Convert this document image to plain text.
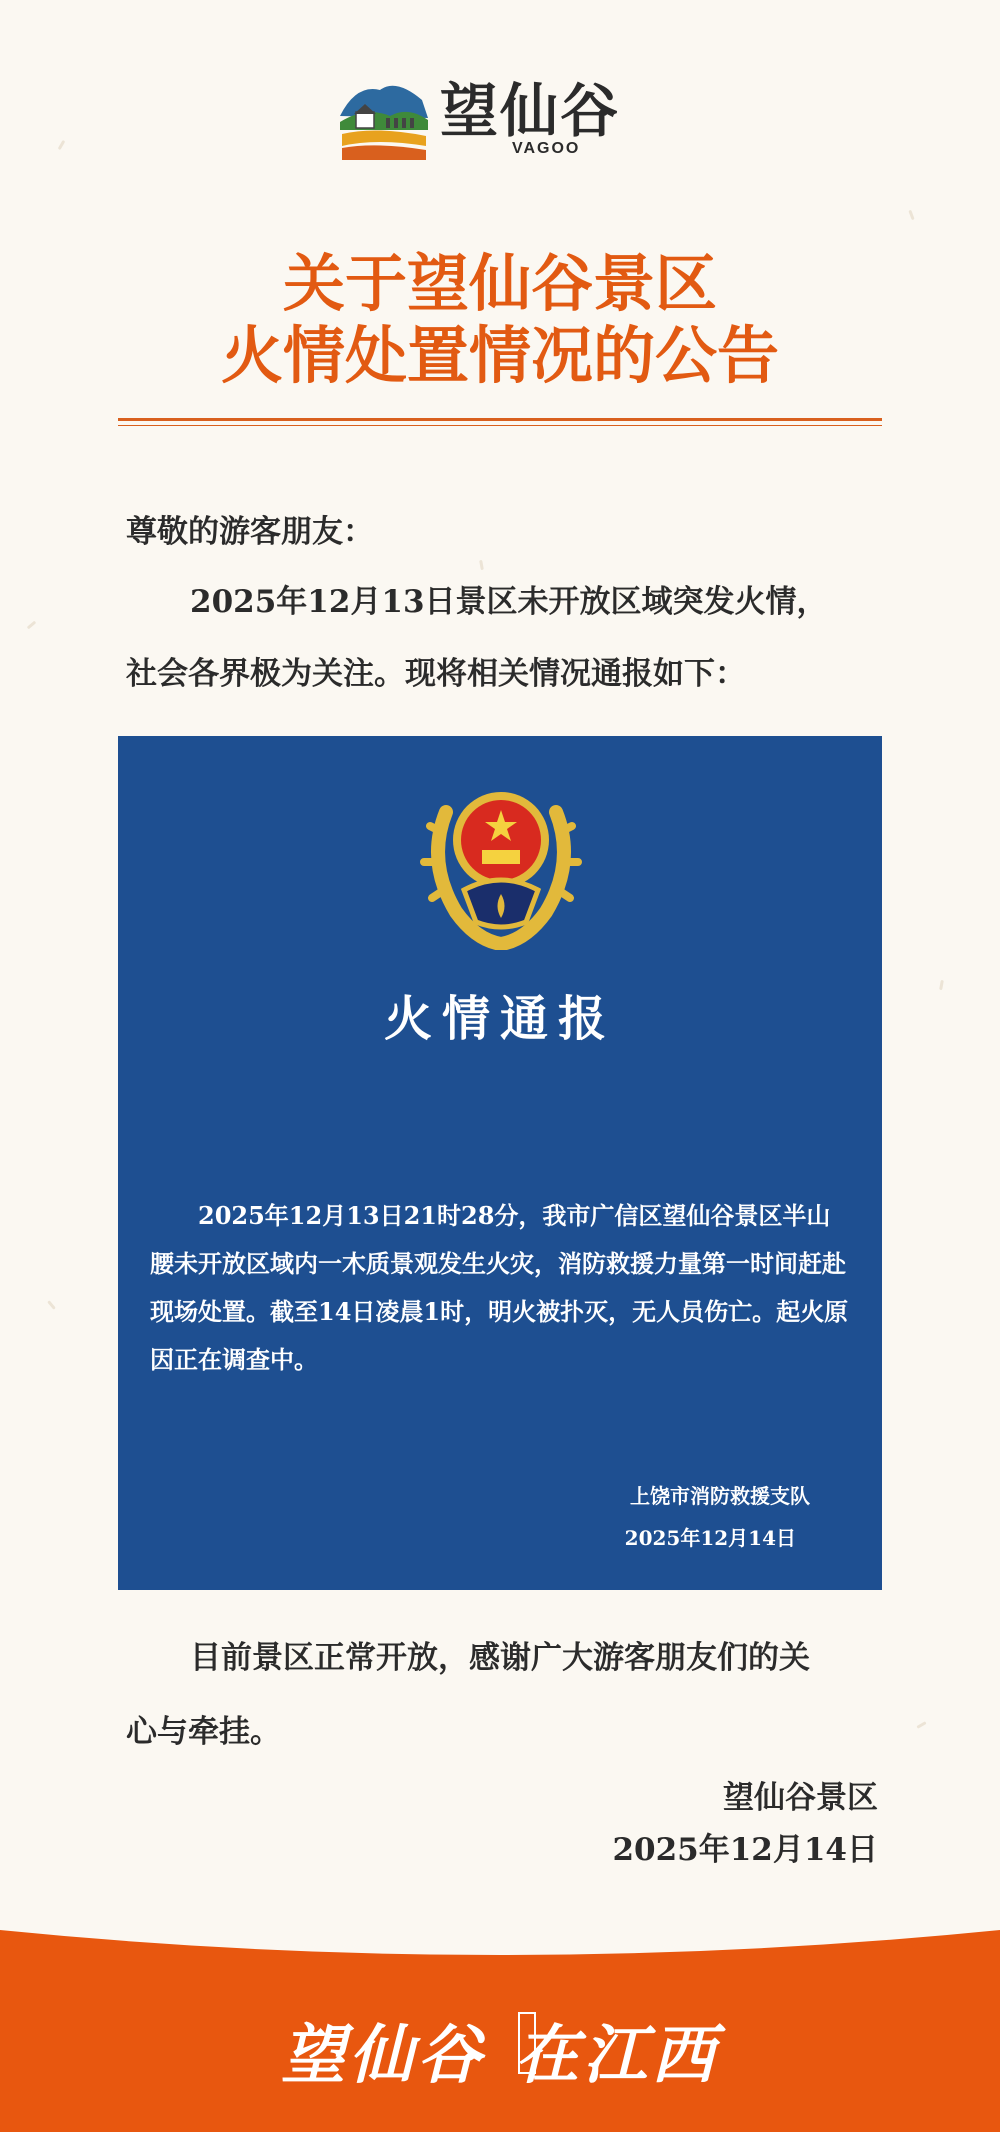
望仙谷
VAGOO
关于望仙谷景区
火情处置情况的公告
尊敬的游客朋友：
2025年12月13日景区未开放区域突发火情，
社会各界极为关注。现将相关情况通报如下：
火情通报
2025年12月13日21时28分，我市广信区望仙谷景区半山腰未开放区域内一木质景观发生火灾，消防救援力量第一时间赶赴现场处置。截至14日凌晨1时，明火被扑灭，无人员伤亡。起火原因正在调查中。
上饶市消防救援支队
2025年12月14日
目前景区正常开放，感谢广大游客朋友们的关
心与牵挂。
望仙谷景区
2025年12月14日
望仙谷 在江西
